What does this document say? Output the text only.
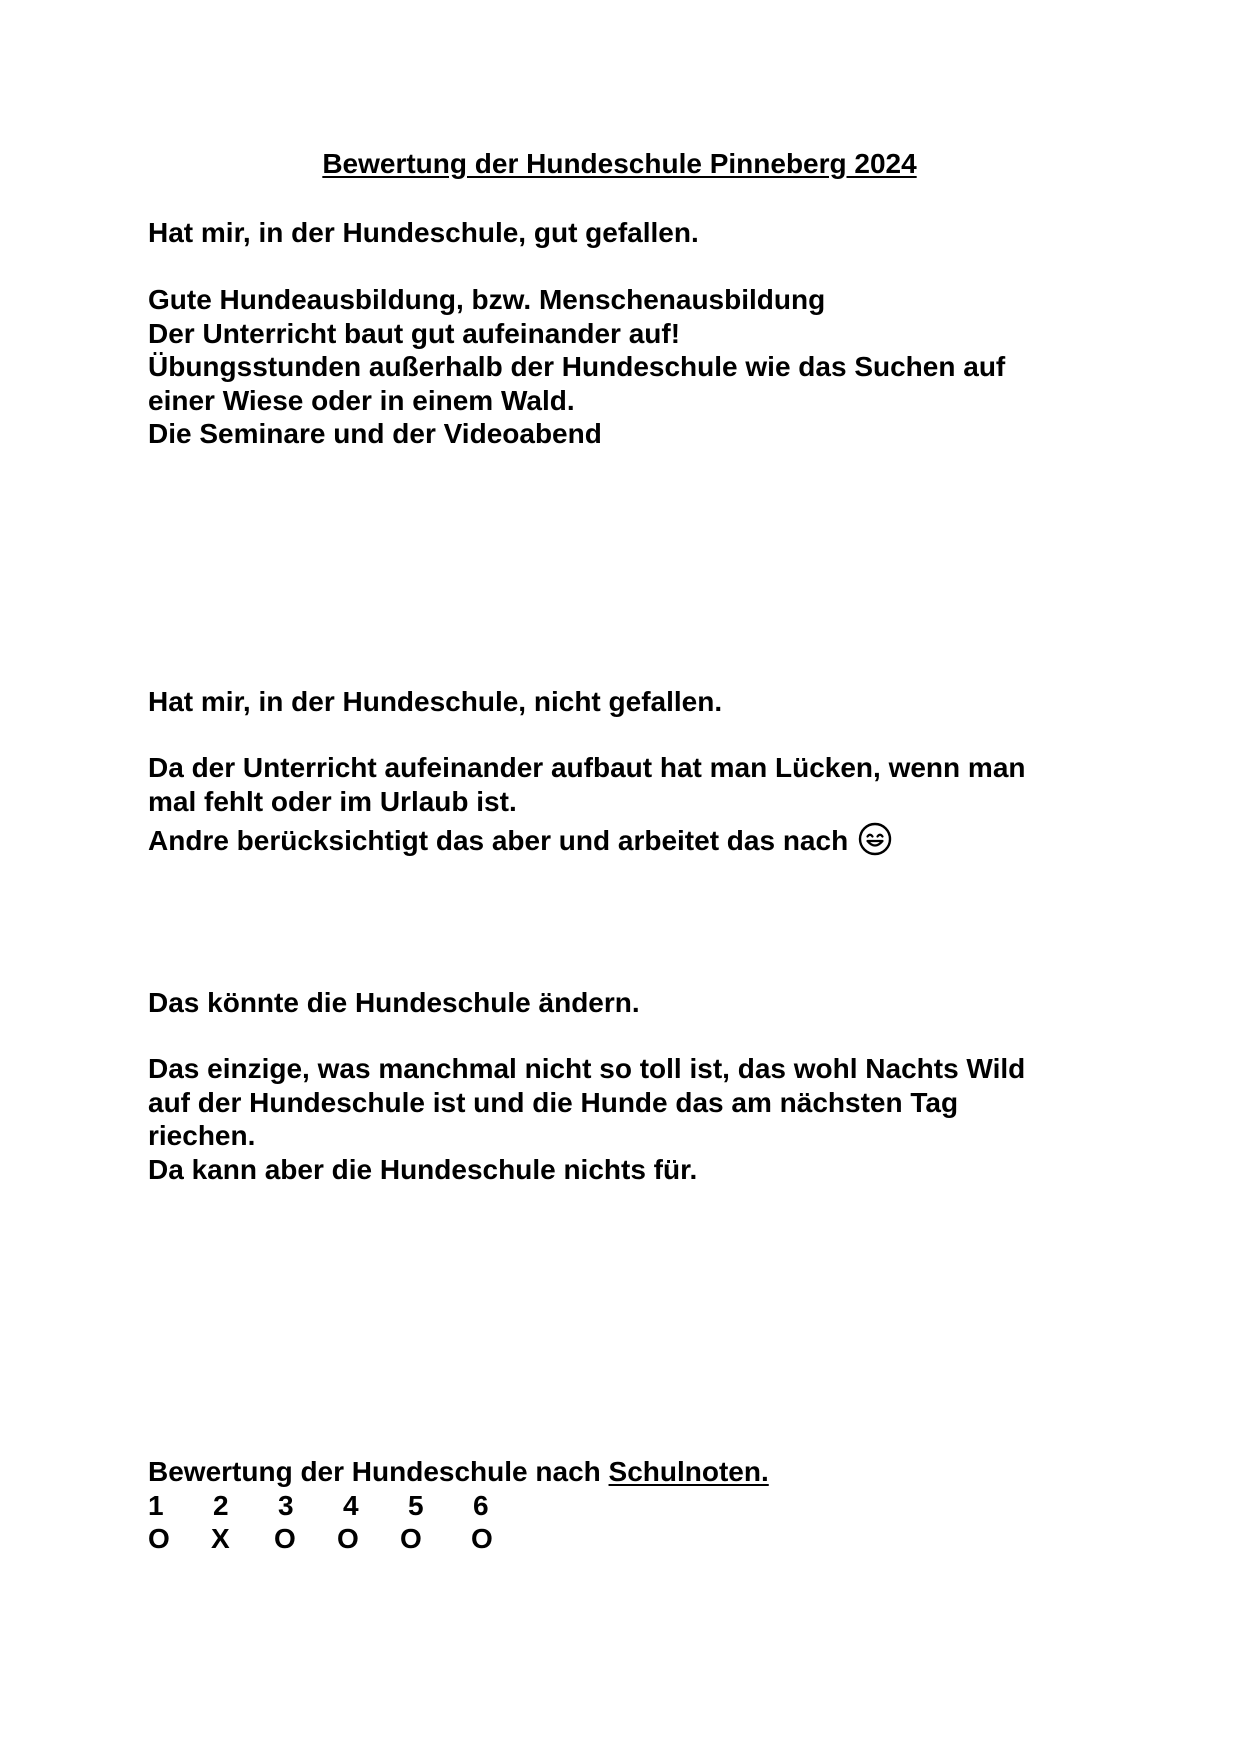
Bewertung der Hundeschule Pinneberg 2024
Hat mir, in der Hundeschule, gut gefallen.
Gute Hundeausbildung, bzw. Menschenausbildung
Der Unterricht baut gut aufeinander auf!
Übungsstunden außerhalb der Hundeschule wie das Suchen auf
einer Wiese oder in einem Wald.
Die Seminare und der Videoabend
Hat mir, in der Hundeschule, nicht gefallen.
Da der Unterricht aufeinander aufbaut hat man Lücken, wenn man
mal fehlt oder im Urlaub ist.
Andre berücksichtigt das aber und arbeitet das nach
Das könnte die Hundeschule ändern.
Das einzige, was manchmal nicht so toll ist, das wohl Nachts Wild
auf der Hundeschule ist und die Hunde das am nächsten Tag
riechen.
Da kann aber die Hundeschule nichts für.
Bewertung der Hundeschule nach Schulnoten.
1 2 3 4 5 6
O X O O O O
